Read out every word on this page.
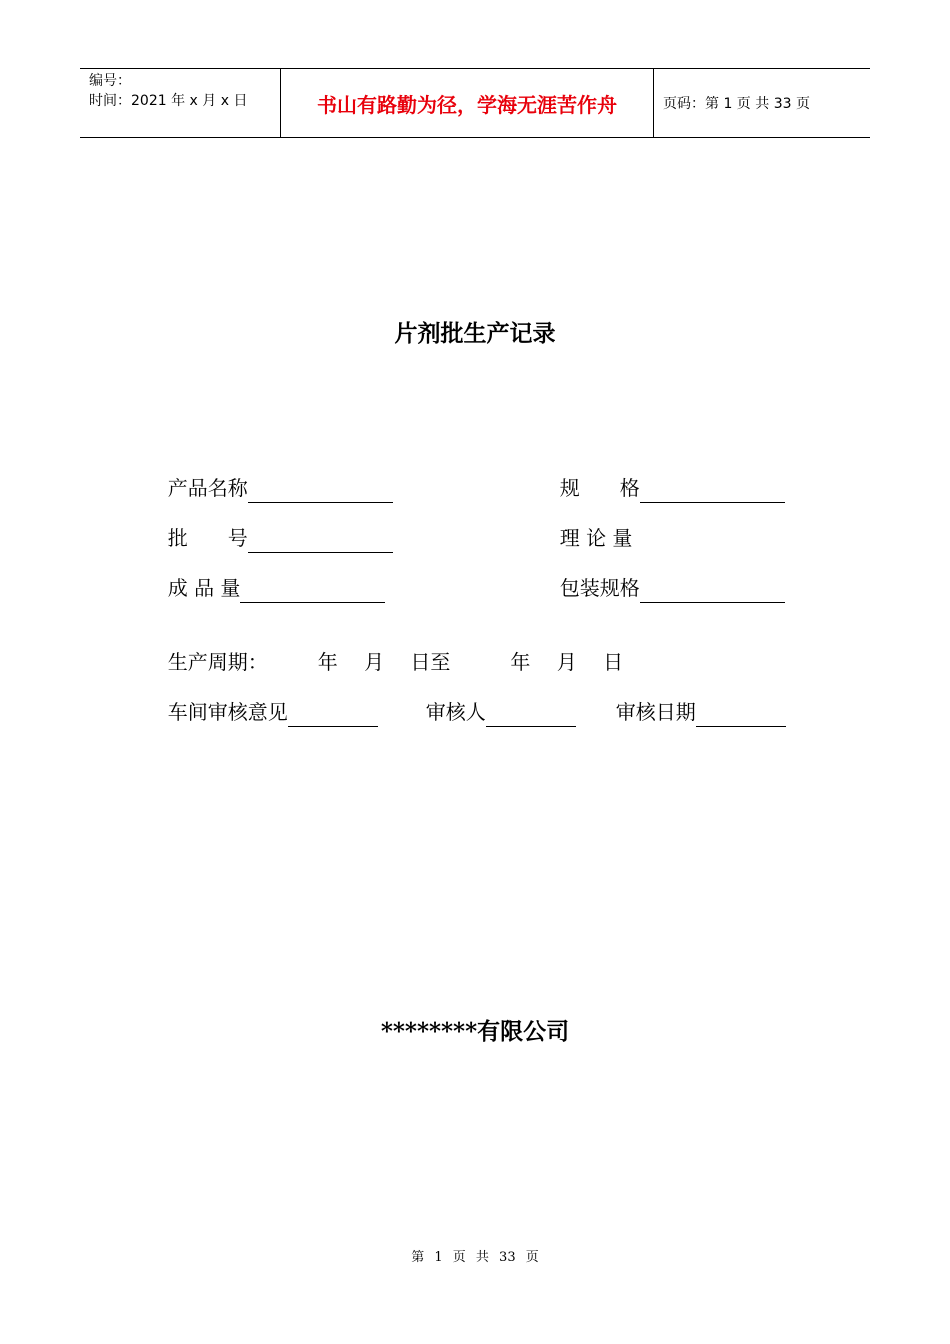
编号：
时间：2021 年 x 月 x 日	书山有路勤为径，学海无涯苦作舟	页码：第 1 页 共 33 页
片剂批生产记录

产品名称	规　　格

批　　号	理 论 量

成 品 量	包装规格

生产周期：　　　年　 月　 日至　　　年　 月　 日

车间审核意见	审核人	审核日期

********有限公司
第 1 页 共 33 页
